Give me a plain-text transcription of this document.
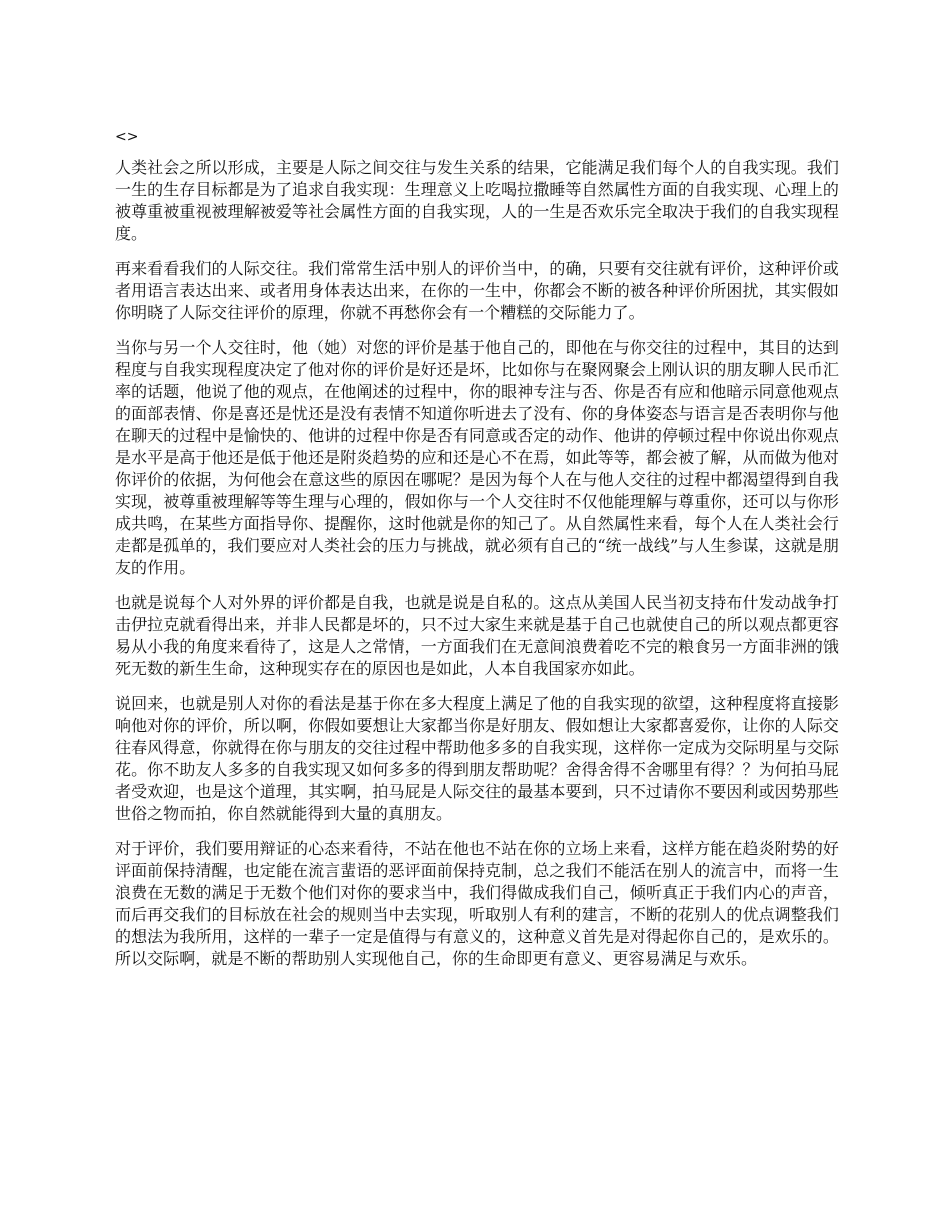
<>

人类社会之所以形成，主要是人际之间交往与发生关系的结果，它能满足我们每个人的自我实现。我们一生的生存目标都是为了追求自我实现：生理意义上吃喝拉撒睡等自然属性方面的自我实现、心理上的被尊重被重视被理解被爱等社会属性方面的自我实现，人的一生是否欢乐完全取决于我们的自我实现程度。

再来看看我们的人际交往。我们常常生活中别人的评价当中，的确，只要有交往就有评价，这种评价或者用语言表达出来、或者用身体表达出来，在你的一生中，你都会不断的被各种评价所困扰，其实假如你明晓了人际交往评价的原理，你就不再愁你会有一个糟糕的交际能力了。

当你与另一个人交往时，他（她）对您的评价是基于他自己的，即他在与你交往的过程中，其目的达到程度与自我实现程度决定了他对你的评价是好还是坏，比如你与在聚网聚会上刚认识的朋友聊人民币汇率的话题，他说了他的观点，在他阐述的过程中，你的眼神专注与否、你是否有应和他暗示同意他观点的面部表情、你是喜还是忧还是没有表情不知道你听进去了没有、你的身体姿态与语言是否表明你与他在聊天的过程中是愉快的、他讲的过程中你是否有同意或否定的动作、他讲的停顿过程中你说出你观点是水平是高于他还是低于他还是附炎趋势的应和还是心不在焉，如此等等，都会被了解，从而做为他对你评价的依据，为何他会在意这些的原因在哪呢？是因为每个人在与他人交往的过程中都渴望得到自我实现，被尊重被理解等等生理与心理的，假如你与一个人交往时不仅他能理解与尊重你，还可以与你形成共鸣，在某些方面指导你、提醒你，这时他就是你的知己了。从自然属性来看，每个人在人类社会行走都是孤单的，我们要应对人类社会的压力与挑战，就必须有自己的“统一战线”与人生参谋，这就是朋友的作用。

也就是说每个人对外界的评价都是自我，也就是说是自私的。这点从美国人民当初支持布什发动战争打击伊拉克就看得出来，并非人民都是坏的，只不过大家生来就是基于自己也就使自己的所以观点都更容易从小我的角度来看待了，这是人之常情，一方面我们在无意间浪费着吃不完的粮食另一方面非洲的饿死无数的新生生命，这种现实存在的原因也是如此，人本自我国家亦如此。

说回来，也就是别人对你的看法是基于你在多大程度上满足了他的自我实现的欲望，这种程度将直接影响他对你的评价，所以啊，你假如要想让大家都当你是好朋友、假如想让大家都喜爱你，让你的人际交往春风得意，你就得在你与朋友的交往过程中帮助他多多的自我实现，这样你一定成为交际明星与交际花。你不助友人多多的自我实现又如何多多的得到朋友帮助呢？舍得舍得不舍哪里有得？？为何拍马屁者受欢迎，也是这个道理，其实啊，拍马屁是人际交往的最基本要到，只不过请你不要因利或因势那些世俗之物而拍，你自然就能得到大量的真朋友。

对于评价，我们要用辩证的心态来看待，不站在他也不站在你的立场上来看，这样方能在趋炎附势的好评面前保持清醒，也定能在流言蜚语的恶评面前保持克制，总之我们不能活在别人的流言中，而将一生浪费在无数的满足于无数个他们对你的要求当中，我们得做成我们自己，倾听真正于我们内心的声音，而后再交我们的目标放在社会的规则当中去实现，听取别人有利的建言，不断的花别人的优点调整我们的想法为我所用，这样的一辈子一定是值得与有意义的，这种意义首先是对得起你自己的，是欢乐的。所以交际啊，就是不断的帮助别人实现他自己，你的生命即更有意义、更容易满足与欢乐。
